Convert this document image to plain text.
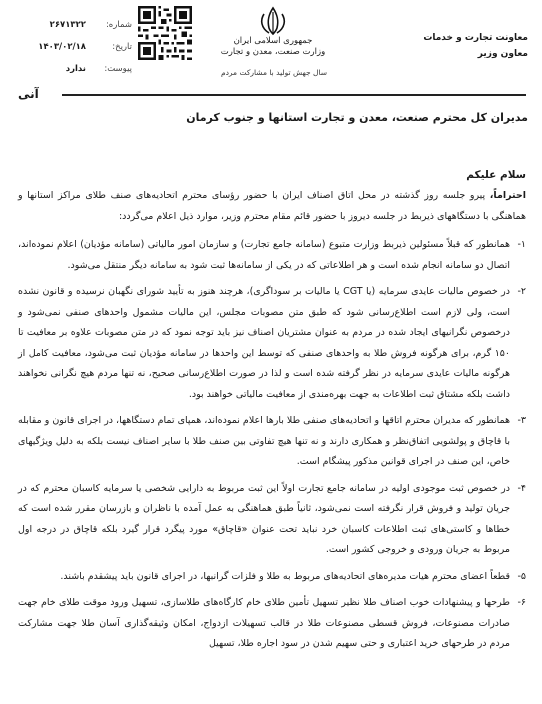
معاونت تجارت و خدمات
معاون وزیر
جمهوری اسلامی ایران
وزارت صنعت، معدن و تجارت
سال جهش تولید با مشارکت مردم
شماره:
۲۶۷۱۳۲۲
تاریخ:
۱۴۰۳/۰۲/۱۸
پیوست:
ندارد
آنی
مدیران کل محترم صنعت، معدن و تجارت استانها و جنوب کرمان
سلام علیکم

احتراماً، پیرو جلسه روز گذشته در محل اتاق اصناف ایران با حضور رؤسای محترم اتحادیه‌های صنف طلای مراکز استانها و هماهنگی با دستگاههای ذیربط در جلسه دیروز با حضور قائم مقام محترم وزیر، موارد ذیل اعلام می‌گردد:

۱-
همانطور که قبلاً مسئولین ذیربط وزارت متبوع (سامانه جامع تجارت) و سازمان امور مالیاتی (سامانه مؤدیان) اعلام نموده‌اند، اتصال دو سامانه انجام شده است و هر اطلاعاتی که در یکی از سامانه‌ها ثبت شود به سامانه دیگر منتقل می‌شود.
۲-
در خصوص مالیات عایدی سرمایه (یا CGT یا مالیات بر سوداگری)، هرچند هنوز به تأیید شورای نگهبان نرسیده و قانون نشده است، ولی لازم است اطلاع‌رسانی شود که طبق متن مصوبات مجلس، این مالیات مشمول واحدهای صنفی نمی‌شود و درخصوص نگرانیهای ایجاد شده در مردم به عنوان مشتریان اصناف نیز باید توجه نمود که در متن مصوبات علاوه بر معافیت تا ۱۵۰ گرم، برای هرگونه فروش طلا به واحدهای صنفی که توسط این واحدها در سامانه مؤدیان ثبت می‌شود، معافیت کامل از هرگونه مالیات عایدی سرمایه در نظر گرفته شده است و لذا در صورت اطلاع‌رسانی صحیح، نه تنها مردم هیچ نگرانی نخواهند داشت بلکه مشتاق ثبت اطلاعات به جهت بهره‌مندی از معافیت مالیاتی خواهند بود.
۳-
همانطور که مدیران محترم اتاقها و اتحادیه‌های صنفی طلا بارها اعلام نموده‌اند، همپای تمام دستگاهها، در اجرای قانون و مقابله با قاچاق و پولشویی اتفاق‌نظر و همکاری دارند و نه تنها هیچ تفاوتی بین صنف طلا با سایر اصناف نیست بلکه به دلیل ویژگیهای خاص، این صنف در اجرای قوانین مذکور پیشگام است.
۴-
در خصوص ثبت موجودی اولیه در سامانه جامع تجارت اولاً این ثبت مربوط به دارایی شخصی یا سرمایه کاسبان محترم که در جریان تولید و فروش قرار نگرفته است نمی‌شود، ثانیاً طبق هماهنگی به عمل آمده با ناظران و بازرسان مقرر شده است که خطاها و کاستی‌های ثبت اطلاعات کاسبان خرد نباید تحت عنوان «قاچاق» مورد پیگرد قرار گیرد بلکه قاچاق در درجه اول مربوط به جریان ورودی و خروجی کشور است.
۵-
قطعاً اعضای محترم هیات مدیره‌های اتحادیه‌های مربوط به طلا و فلزات گرانبها، در اجرای قانون باید پیشقدم باشند.
۶-
طرحها و پیشنهادات خوب اصناف طلا نظیر تسهیل تأمین طلای خام کارگاه‌های طلاسازی، تسهیل ورود موقت طلای خام جهت صادرات مصنوعات، فروش قسطی مصنوعات طلا در قالب تسهیلات ازدواج، امکان وثیقه‌گذاری آسان طلا جهت مشارکت مردم در طرحهای خرید اعتباری و حتی سهیم شدن در سود اجاره طلا، تسهیل
